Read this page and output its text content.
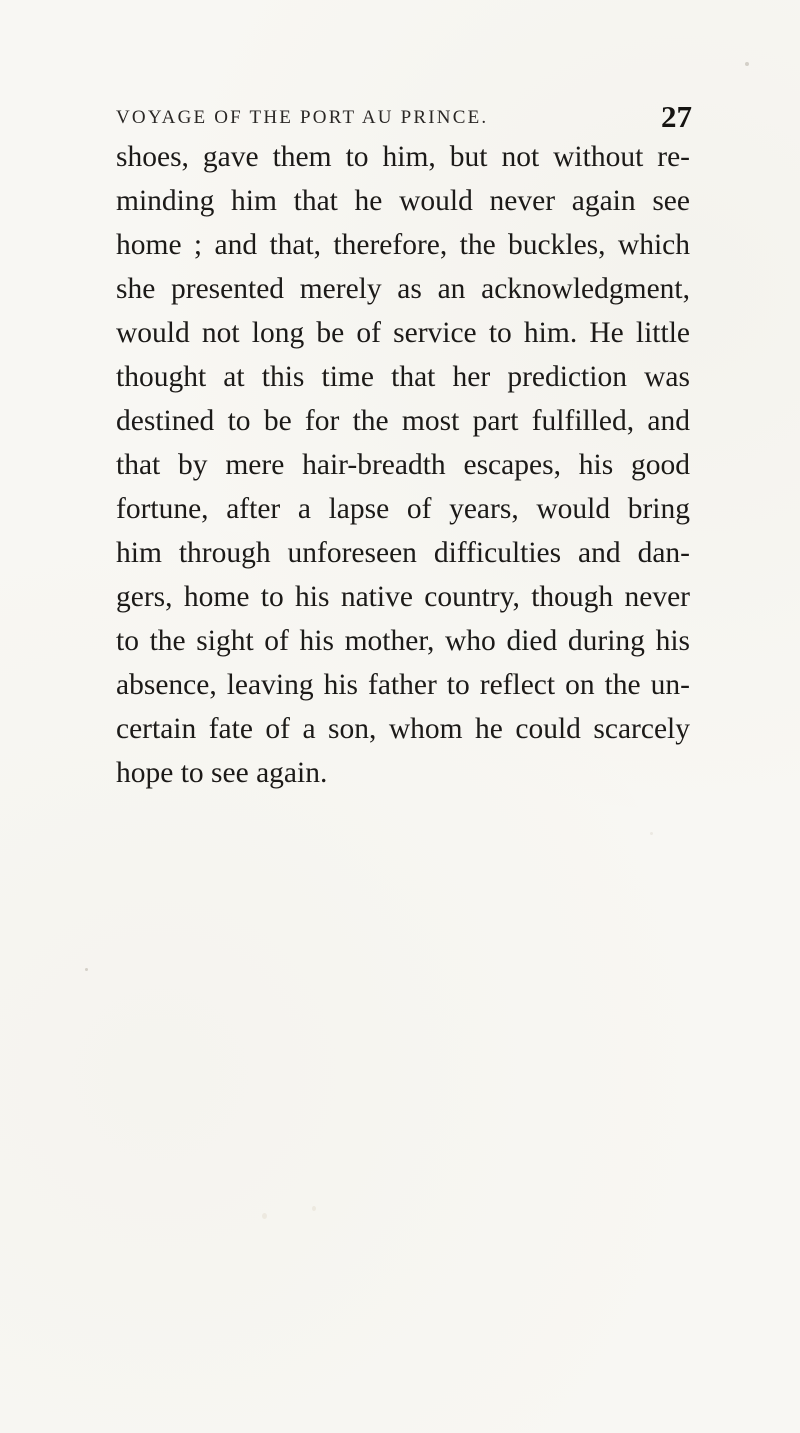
VOYAGE OF THE PORT AU PRINCE.	27
shoes, gave them to him, but not without re-
minding him that he would never again see
home ; and that, therefore, the buckles, which
she presented merely as an acknowledgment,
would not long be of service to him. He little
thought at this time that her prediction was
destined to be for the most part fulfilled, and
that by mere hair-breadth escapes, his good
fortune, after a lapse of years, would bring
him through unforeseen difficulties and dan-
gers, home to his native country, though never
to the sight of his mother, who died during his
absence, leaving his father to reflect on the un-
certain fate of a son, whom he could scarcely
hope to see again.
